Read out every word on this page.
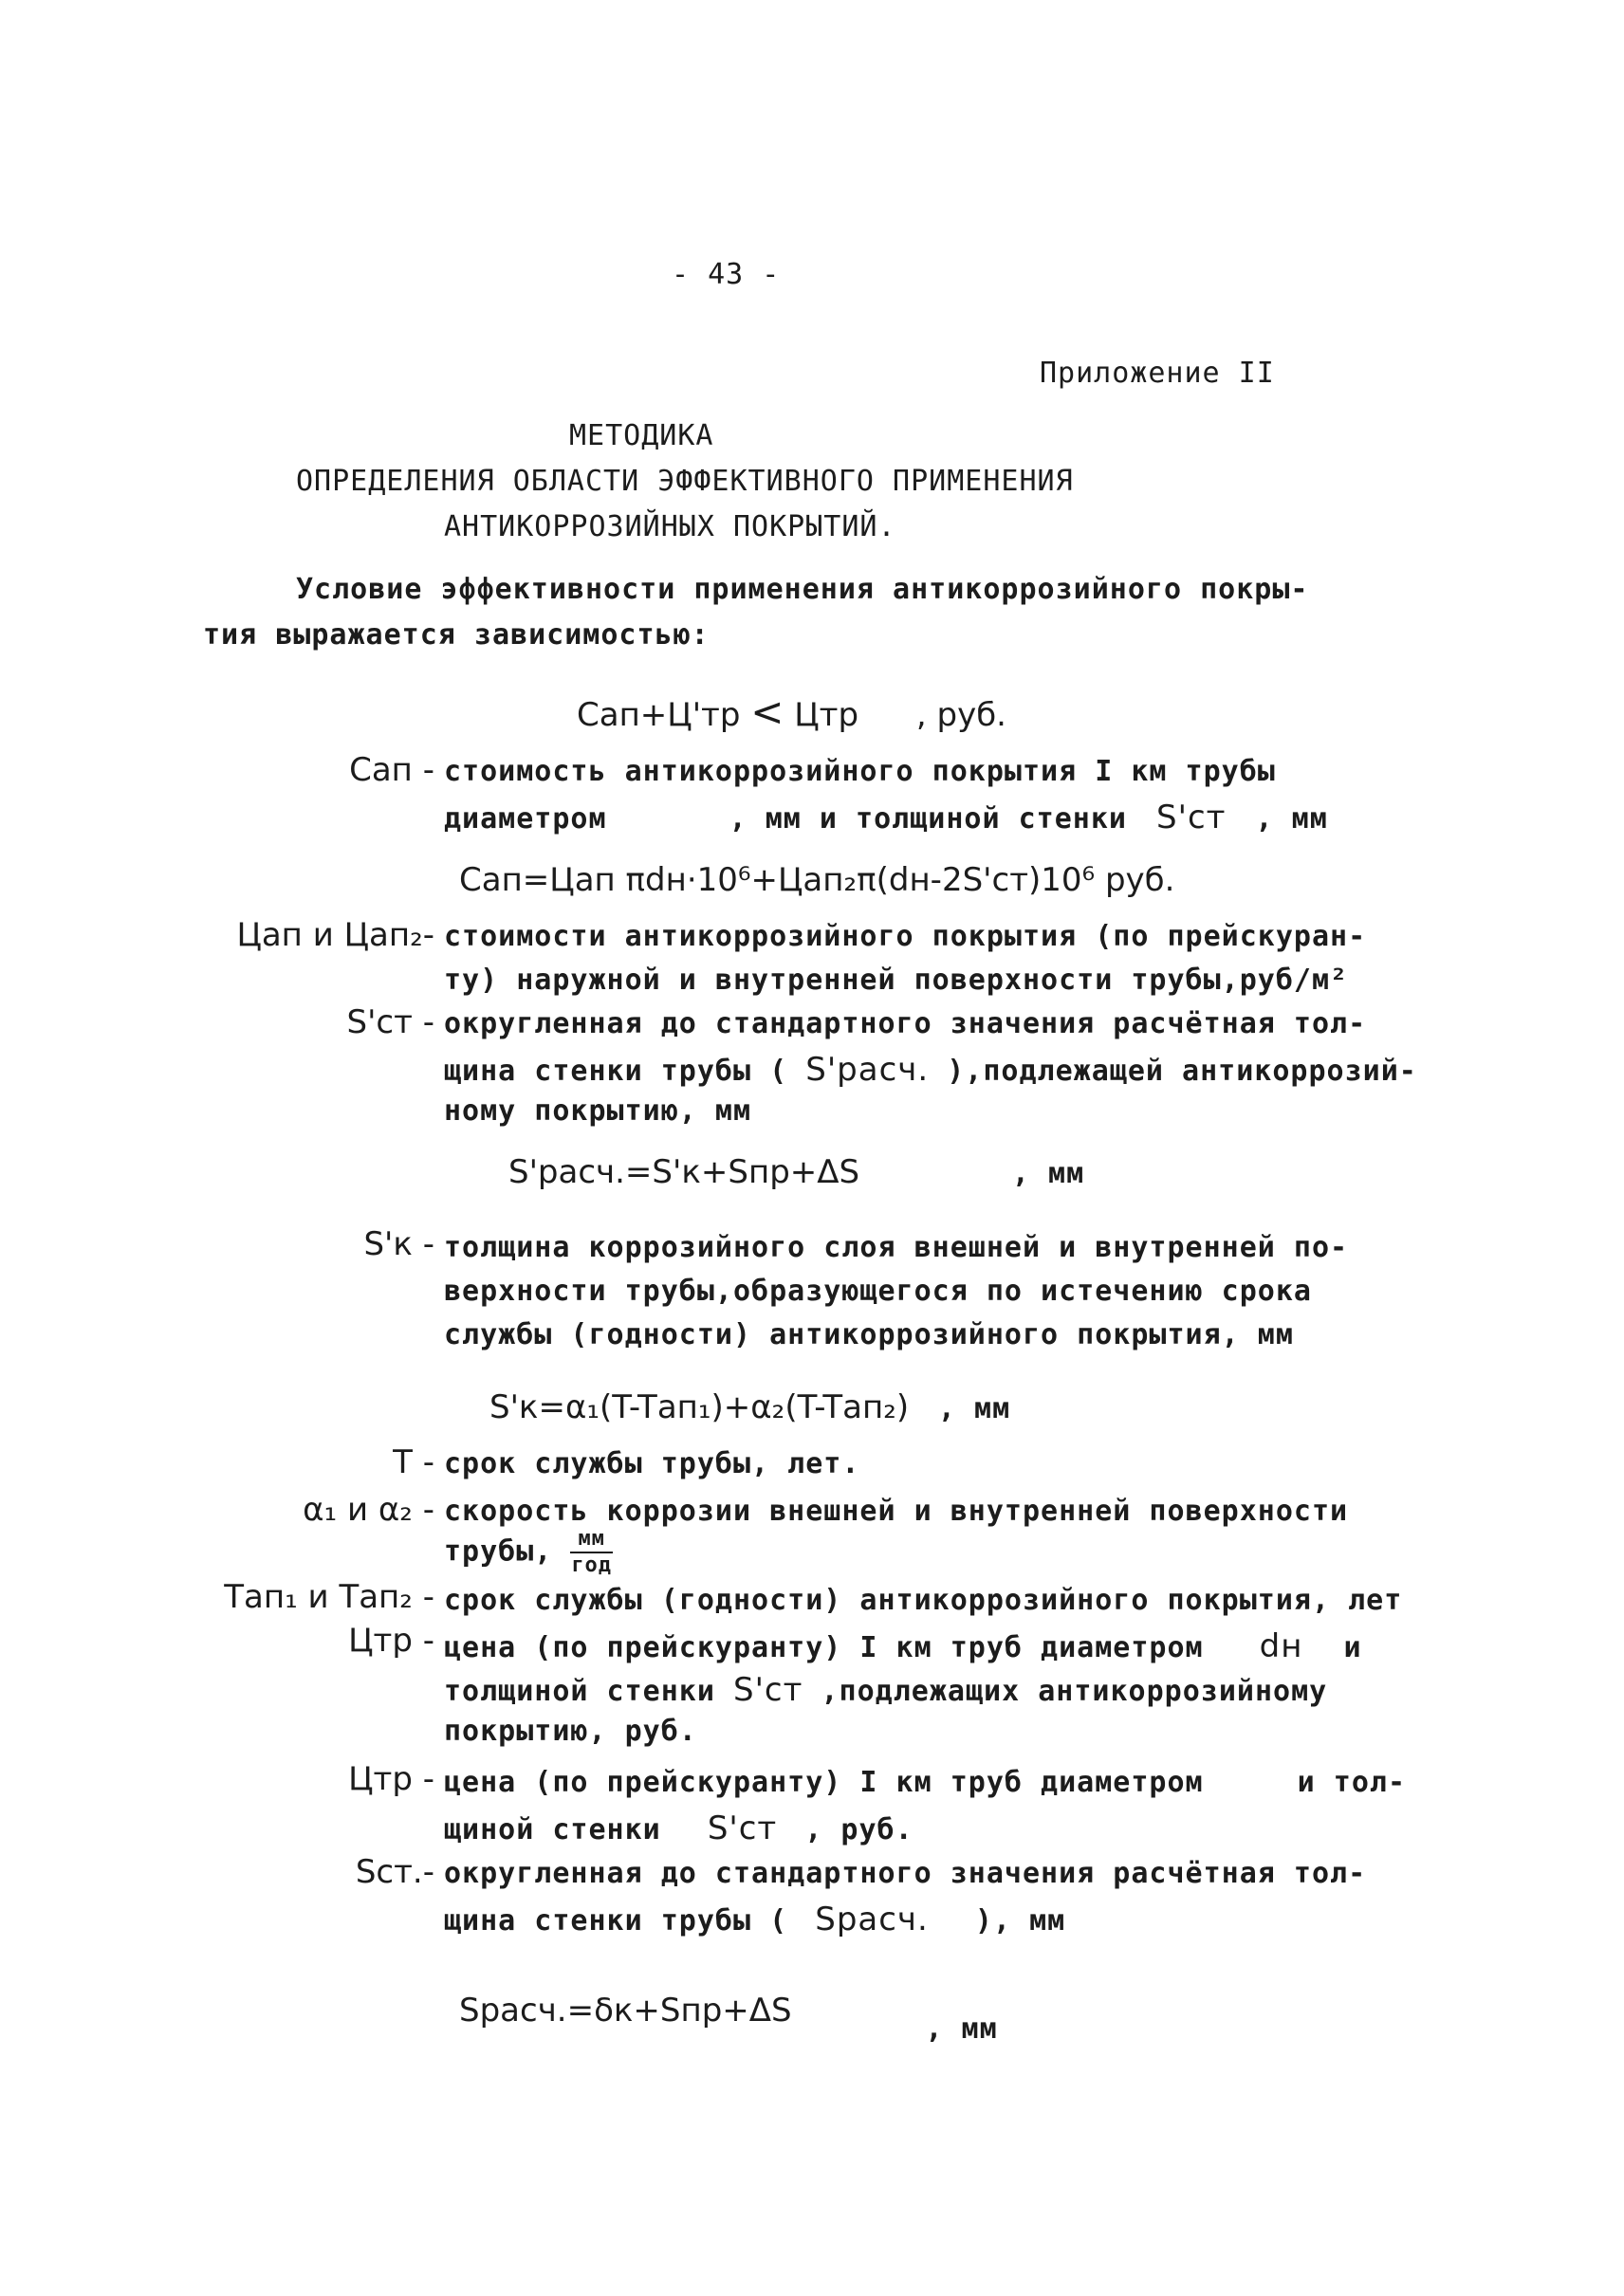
- 43 -
Приложение II
МЕТОДИКА
ОПРЕДЕЛЕНИЯ ОБЛАСТИ ЭФФЕКТИВНОГО ПРИМЕНЕНИЯ
АНТИКОРРОЗИЙНЫХ ПОКРЫТИЙ.
Условие эффективности применения антикоррозийного покры-
тия выражается зависимостью:
Cап+Ц'тр < Цтр , руб.
Cап - стоимость антикоррозийного покрытия I км трубы
диаметром	, мм и толщиной стенки S'ст , мм
Cап=Цап πdн·10⁶+Цап₂π(dн-2S'ст)10⁶ руб.
Цап и Цап₂- стоимости антикоррозийного покрытия (по прейскуран-
ту) наружной и внутренней поверхности трубы,руб/м²
S'ст - округленная до стандартного значения расчётная тол-
щина стенки трубы ( S'расч. ),подлежащей антикоррозий-
ному покрытию, мм
S'расч.=S'к+Sпр+ΔS	, мм
S'к - толщина коррозийного слоя внешней и внутренней по-
верхности трубы,образующегося по истечению срока
службы (годности) антикоррозийного покрытия, мм
S'к=α₁(T-Tап₁)+α₂(T-Tап₂) , мм
T - срок службы трубы, лет.
α₁ и α₂ - скорость коррозии внешней и внутренней поверхности
трубы, $\frac{мм}{\text{год}}$
Tап₁ и Tап₂ - срок службы (годности) антикоррозийного покрытия, лет
Цтр - цена (по прейскуранту) I км труб диаметром dн и
толщиной стенки S'ст ,подлежащих антикоррозийному
покрытию, руб.
Цтр - цена (по прейскуранту) I км труб диаметром	и тол-
щиной стенки S'ст , руб.
Sст.- округленная до стандартного значения расчётная тол-
щина стенки трубы ( Sрасч. ), мм
Sрасч.=δк+Sпр+ΔS	, мм
